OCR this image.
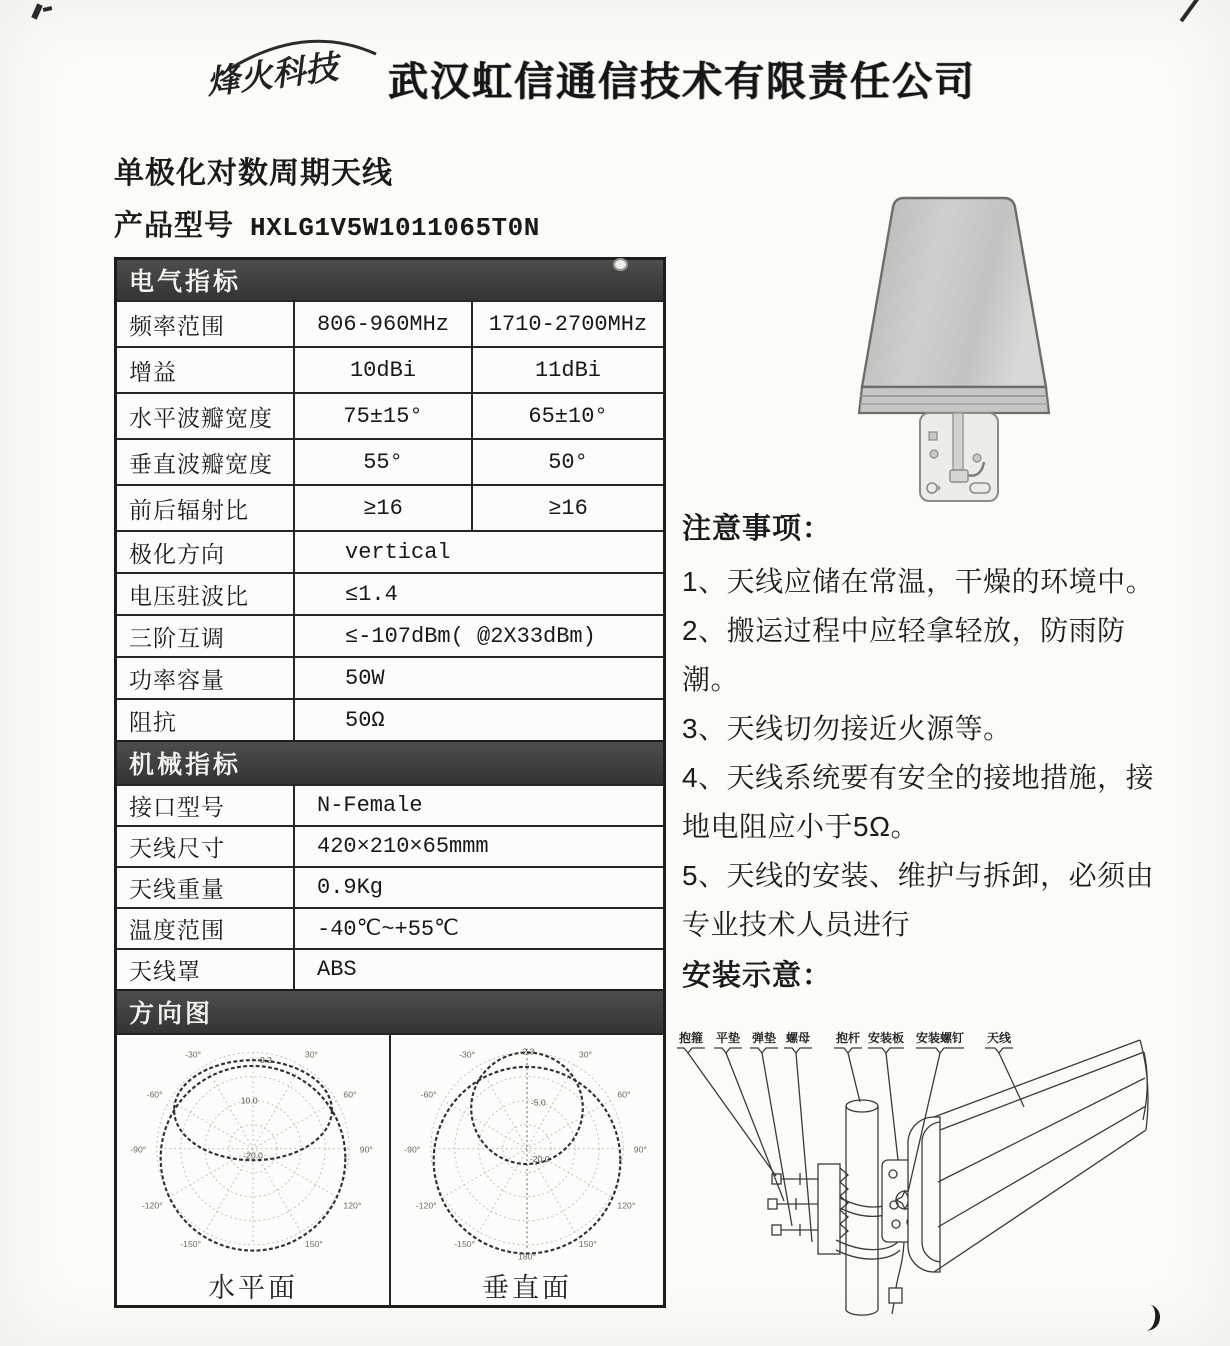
烽火科技 武汉虹信通信技术有限责任公司
单极化对数周期天线
产品型号 HXLG1V5W1011065T0N
电气指标
频率范围	806-960MHz	1710-2700MHz
增益	10dBi	11dBi
水平波瓣宽度	75±15°	65±10°
垂直波瓣宽度	55°	50°
前后辐射比	≥16	≥16
极化方向	vertical
电压驻波比	≤1.4
三阶互调	≤-107dBm( @2X33dBm)
功率容量	50W
阻抗	50Ω
机械指标
接口型号	N-Female
天线尺寸	420×210×65mmm
天线重量	0.9Kg
温度范围	-40℃~+55℃
天线罩	ABS
方向图
-30°	30°
-60°	60°
-90°	90°
-120°	120°
-150°	150°
10.0
-20.0
-9.2
水平面
-30°	30°
-60°	60°
-90°	90°
-120°	120°
-150°	150°
180°
-5.0
-20.0
-2.3
垂直面

注意事项：

1、天线应储在常温，干燥的环境中。

2、搬运过程中应轻拿轻放，防雨防潮。

3、天线切勿接近火源等。

4、天线系统要有安全的接地措施，接地电阻应小于5Ω。

5、天线的安装、维护与拆卸，必须由专业技术人员进行

安装示意：

抱箍 平垫 弹垫 螺母 抱杆 安装板 安装螺钉 天线
